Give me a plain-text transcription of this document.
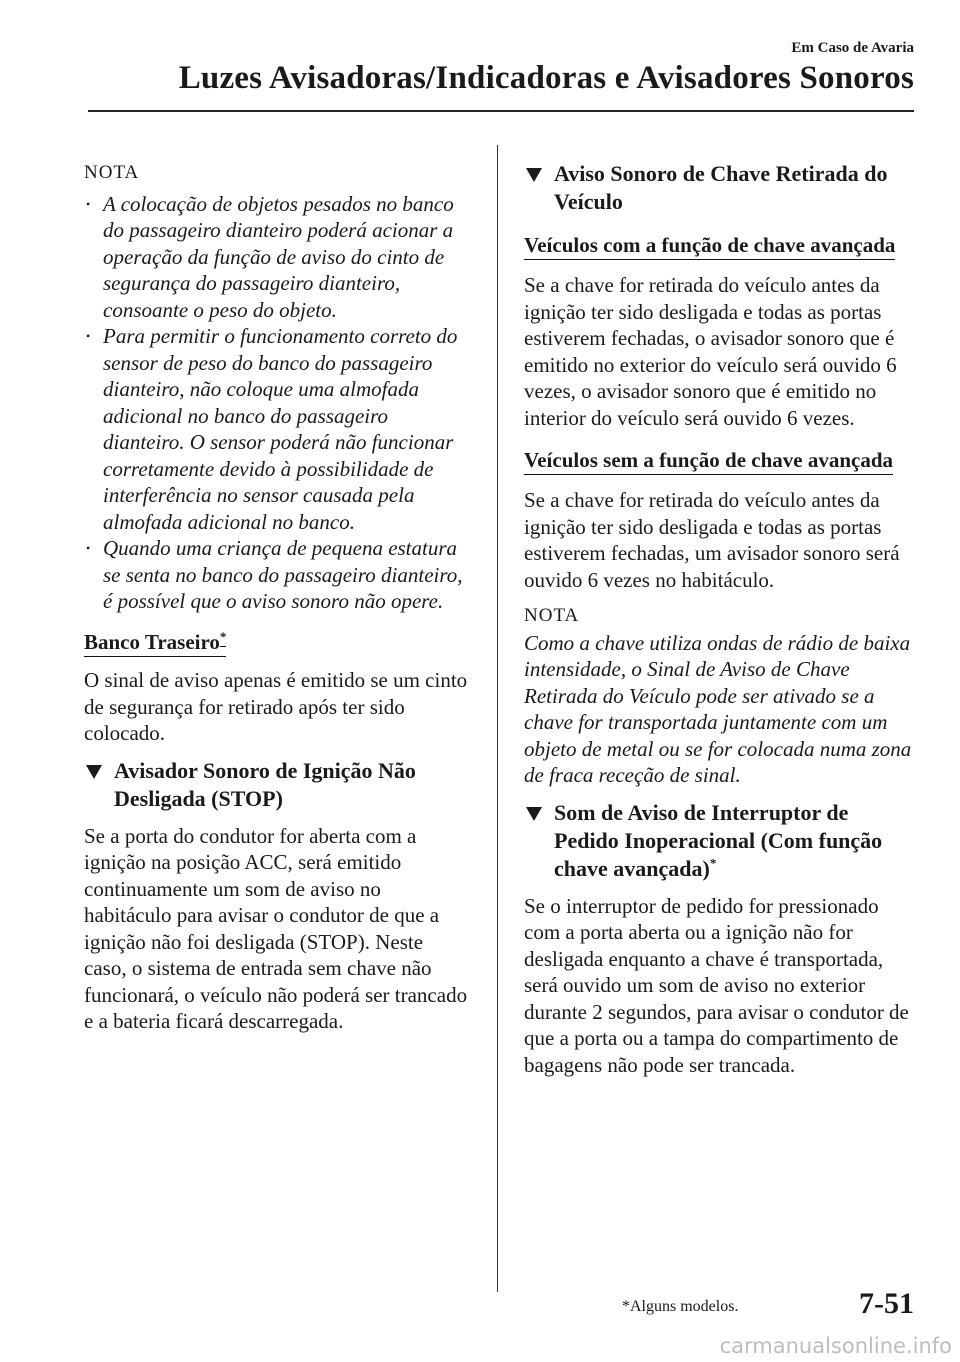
Em Caso de Avaria
Luzes Avisadoras/Indicadoras e Avisadores Sonoros

NOTA

• A colocação de objetos pesados no banco do passageiro dianteiro poderá acionar a operação da função de aviso do cinto de segurança do passageiro dianteiro, consoante o peso do objeto.
• Para permitir o funcionamento correto do sensor de peso do banco do passageiro dianteiro, não coloque uma almofada adicional no banco do passageiro dianteiro. O sensor poderá não funcionar corretamente devido à possibilidade de interferência no sensor causada pela almofada adicional no banco.
• Quando uma criança de pequena estatura se senta no banco do passageiro dianteiro, é possível que o aviso sonoro não opere.
Banco Traseiro*

O sinal de aviso apenas é emitido se um cinto de segurança for retirado após ter sido colocado.

Avisador Sonoro de Ignição Não Desligada (STOP)

Se a porta do condutor for aberta com a ignição na posição ACC, será emitido continuamente um som de aviso no habitáculo para avisar o condutor de que a ignição não foi desligada (STOP). Neste caso, o sistema de entrada sem chave não funcionará, o veículo não poderá ser trancado e a bateria ficará descarregada.

Aviso Sonoro de Chave Retirada do Veículo
Veículos com a função de chave avançada

Se a chave for retirada do veículo antes da ignição ter sido desligada e todas as portas estiverem fechadas, o avisador sonoro que é emitido no exterior do veículo será ouvido 6 vezes, o avisador sonoro que é emitido no interior do veículo será ouvido 6 vezes.

Veículos sem a função de chave avançada

Se a chave for retirada do veículo antes da ignição ter sido desligada e todas as portas estiverem fechadas, um avisador sonoro será ouvido 6 vezes no habitáculo.

NOTA

Como a chave utiliza ondas de rádio de baixa intensidade, o Sinal de Aviso de Chave Retirada do Veículo pode ser ativado se a chave for transportada juntamente com um objeto de metal ou se for colocada numa zona de fraca receção de sinal.

Som de Aviso de Interruptor de Pedido Inoperacional (Com função chave avançada)*

Se o interruptor de pedido for pressionado com a porta aberta ou a ignição não for desligada enquanto a chave é transportada, será ouvido um som de aviso no exterior durante 2 segundos, para avisar o condutor de que a porta ou a tampa do compartimento de bagagens não pode ser trancada.

*Alguns modelos.	7-51
carmanualsonline.info
